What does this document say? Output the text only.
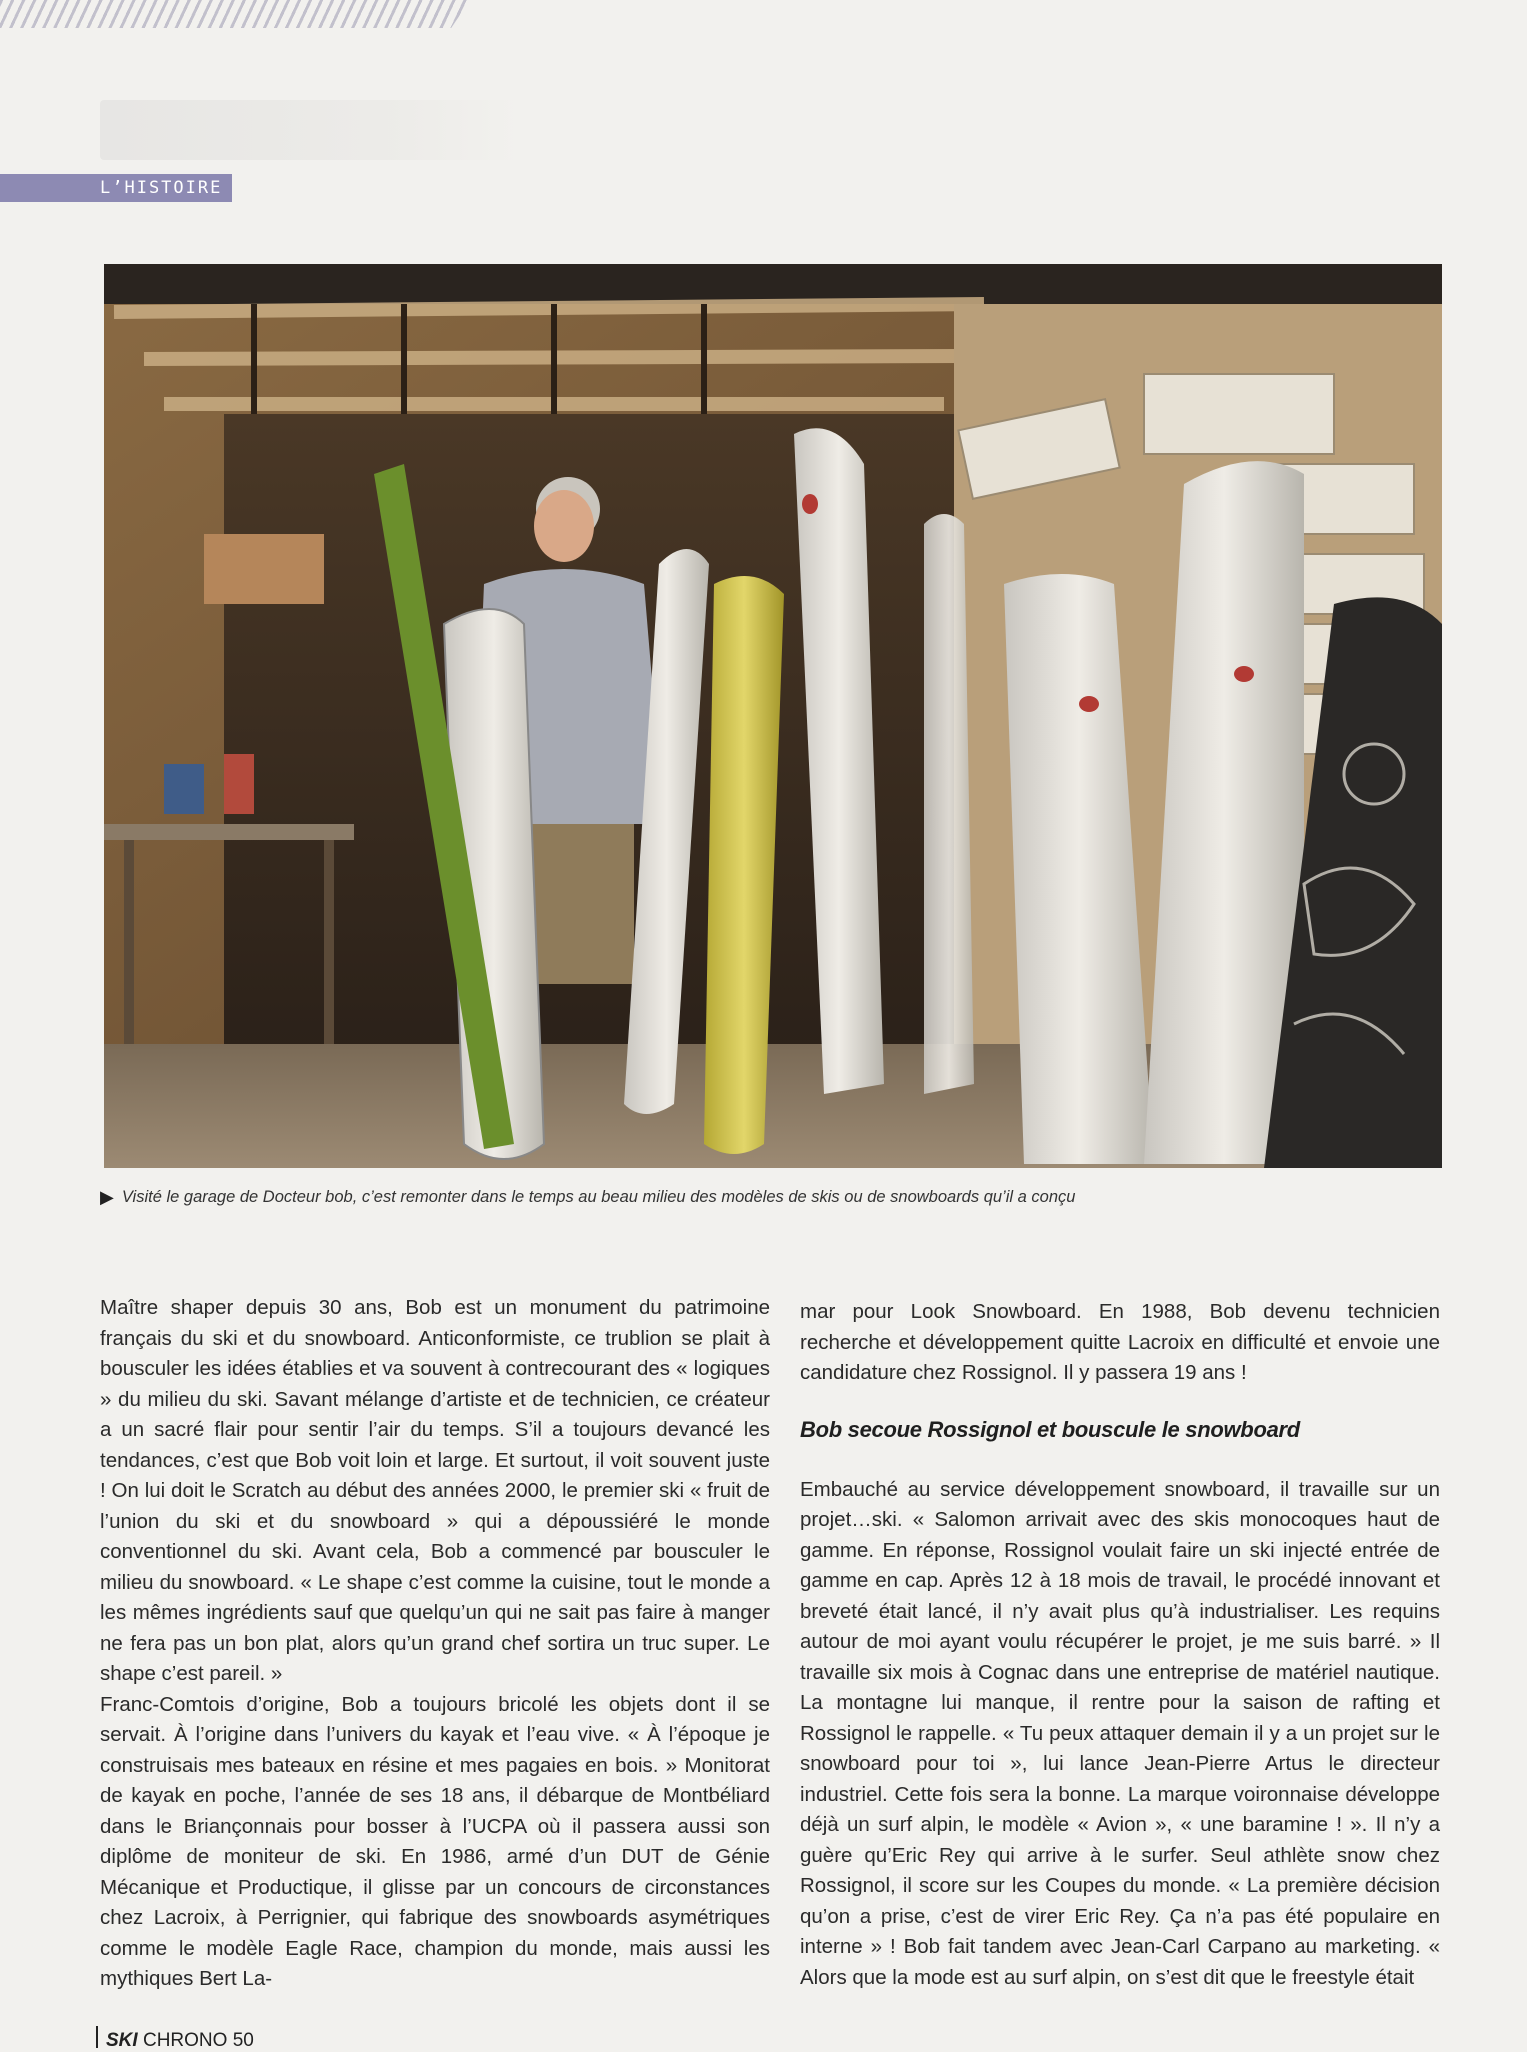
L’HISTOIRE
▶ Visité le garage de Docteur bob, c’est remonter dans le temps au beau milieu des modèles de skis ou de snowboards qu’il a conçu

Maître shaper depuis 30 ans, Bob est un monument du patrimoine français du ski et du snowboard. Anticonformiste, ce trublion se plait à bousculer les idées établies et va souvent à contrecourant des « logiques » du milieu du ski. Savant mélange d’artiste et de technicien, ce créateur a un sacré flair pour sentir l’air du temps. S’il a toujours devancé les tendances, c’est que Bob voit loin et large. Et surtout, il voit souvent juste ! On lui doit le Scratch au début des années 2000, le premier ski « fruit de l’union du ski et du snowboard » qui a dépoussiéré le monde conventionnel du ski. Avant cela, Bob a commencé par bousculer le milieu du snowboard. « Le shape c’est comme la cuisine, tout le monde a les mêmes ingrédients sauf que quelqu’un qui ne sait pas faire à manger ne fera pas un bon plat, alors qu’un grand chef sortira un truc super. Le shape c’est pareil. »

Franc-Comtois d’origine, Bob a toujours bricolé les objets dont il se servait. À l’origine dans l’univers du kayak et l’eau vive. « À l’époque je construisais mes bateaux en résine et mes pagaies en bois. » Monitorat de kayak en poche, l’année de ses 18 ans, il débarque de Montbéliard dans le Briançonnais pour bosser à l’UCPA où il passera aussi son diplôme de moniteur de ski. En 1986, armé d’un DUT de Génie Mécanique et Productique, il glisse par un concours de circonstances chez Lacroix, à Perrignier, qui fabrique des snowboards asymétriques comme le modèle Eagle Race, champion du monde, mais aussi les mythiques Bert La-

mar pour Look Snowboard. En 1988, Bob devenu technicien recherche et développement quitte Lacroix en difficulté et envoie une candidature chez Rossignol. Il y passera 19 ans !

Bob secoue Rossignol et bouscule le snowboard

Embauché au service développement snowboard, il travaille sur un projet…ski. « Salomon arrivait avec des skis monocoques haut de gamme. En réponse, Rossignol voulait faire un ski injecté entrée de gamme en cap. Après 12 à 18 mois de travail, le procédé innovant et breveté était lancé, il n’y avait plus qu’à industrialiser. Les requins autour de moi ayant voulu récupérer le projet, je me suis barré. » Il travaille six mois à Cognac dans une entreprise de matériel nautique. La montagne lui manque, il rentre pour la saison de rafting et Rossignol le rappelle. « Tu peux attaquer demain il y a un projet sur le snowboard pour toi », lui lance Jean-Pierre Artus le directeur industriel. Cette fois sera la bonne. La marque voironnaise développe déjà un surf alpin, le modèle « Avion », « une baramine ! ». Il n’y a guère qu’Eric Rey qui arrive à le surfer. Seul athlète snow chez Rossignol, il score sur les Coupes du monde. « La première décision qu’on a prise, c’est de virer Eric Rey. Ça n’a pas été populaire en interne » ! Bob fait tandem avec Jean-Carl Carpano au marketing. « Alors que la mode est au surf alpin, on s’est dit que le freestyle était

SKI CHRONO 50
